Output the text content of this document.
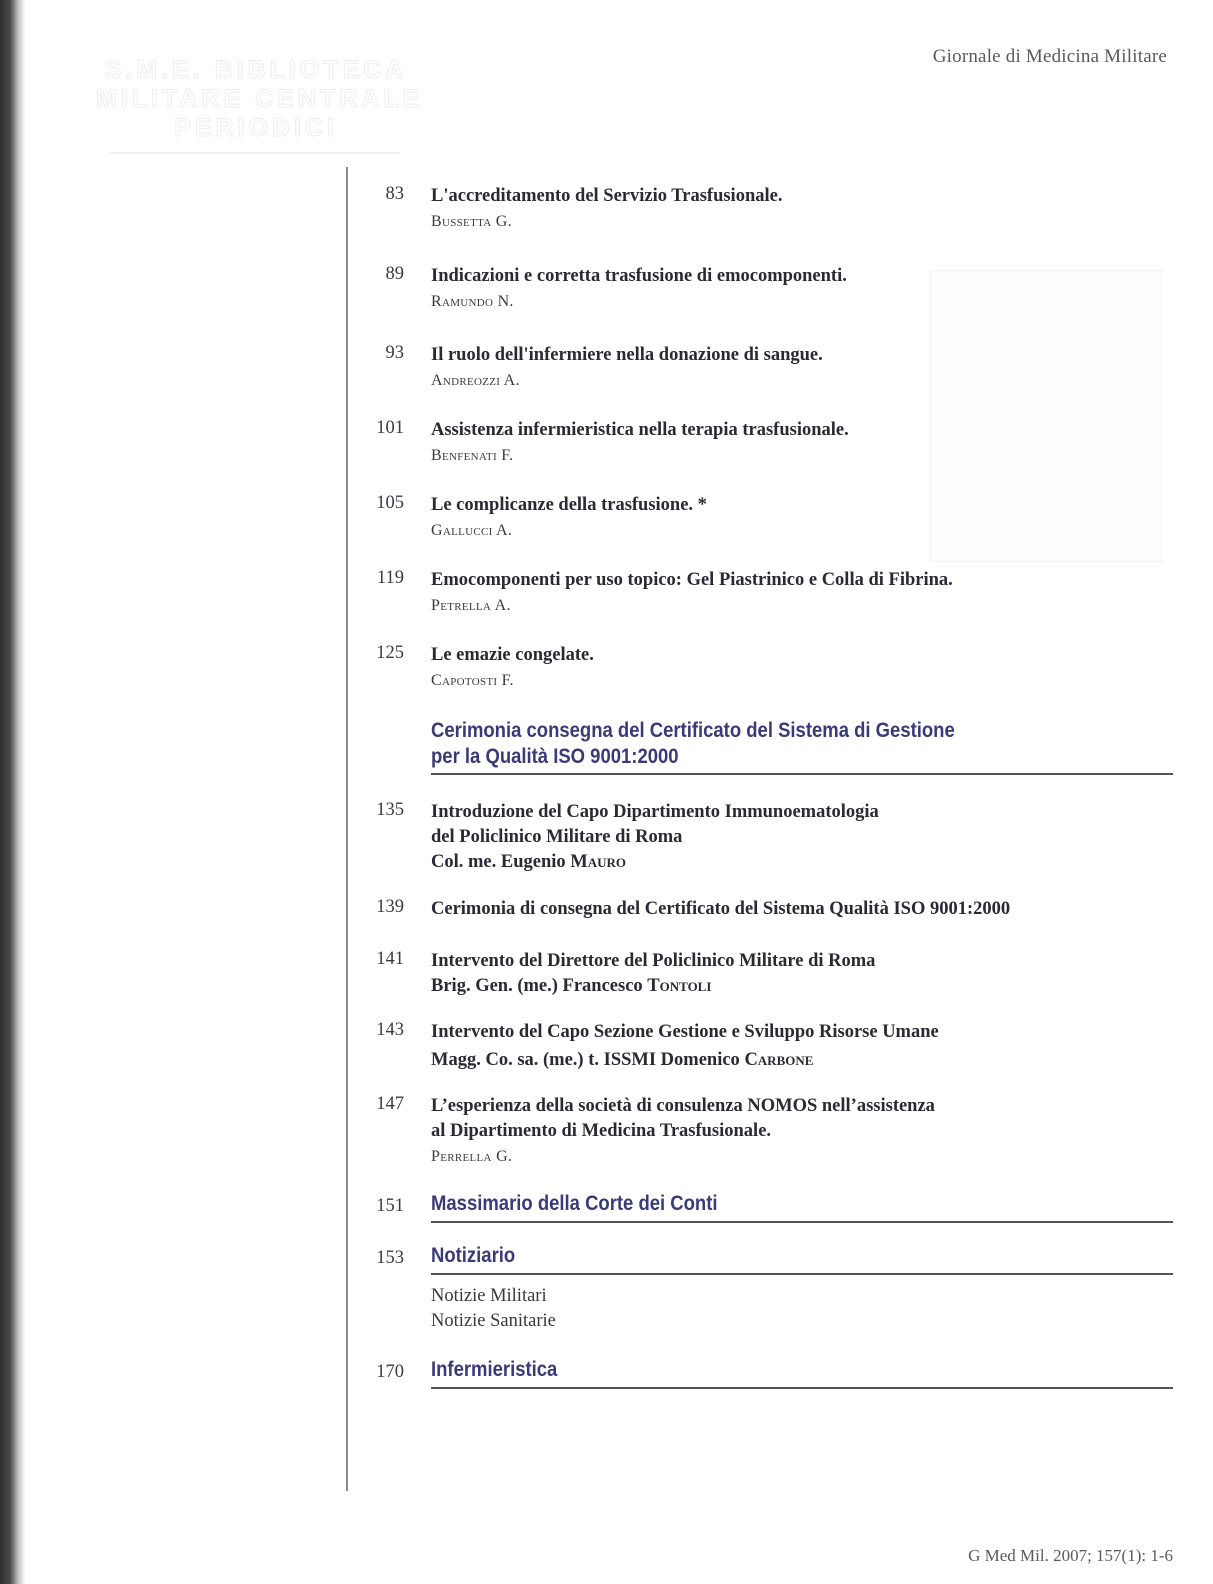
S.M.E. BIBLIOTECA
MILITARE CENTRALE
PERIODICI
Giornale di Medicina Militare
83 L'accreditamento del Servizio Trasfusionale.
Bussetta G.
89 Indicazioni e corretta trasfusione di emocomponenti.
Ramundo N.
93 Il ruolo dell'infermiere nella donazione di sangue.
Andreozzi A.
101 Assistenza infermieristica nella terapia trasfusionale.
Benfenati F.
105 Le complicanze della trasfusione. *
Gallucci A.
119 Emocomponenti per uso topico: Gel Piastrinico e Colla di Fibrina.
Petrella A.
125 Le emazie congelate.
Capotosti F.
Cerimonia consegna del Certificato del Sistema di Gestione
per la Qualità ISO 9001:2000
135 Introduzione del Capo Dipartimento Immunoematologia
del Policlinico Militare di Roma
Col. me. Eugenio Mauro
139 Cerimonia di consegna del Certificato del Sistema Qualità ISO 9001:2000
141 Intervento del Direttore del Policlinico Militare di Roma
Brig. Gen. (me.) Francesco Tontoli
143 Intervento del Capo Sezione Gestione e Sviluppo Risorse Umane
Magg. Co. sa. (me.) t. ISSMI Domenico Carbone
147 L’esperienza della società di consulenza NOMOS nell’assistenza
al Dipartimento di Medicina Trasfusionale.
Perrella G.
151 Massimario della Corte dei Conti
153 Notiziario
Notizie Militari
Notizie Sanitarie
170 Infermieristica
G Med Mil. 2007; 157(1): 1-6
